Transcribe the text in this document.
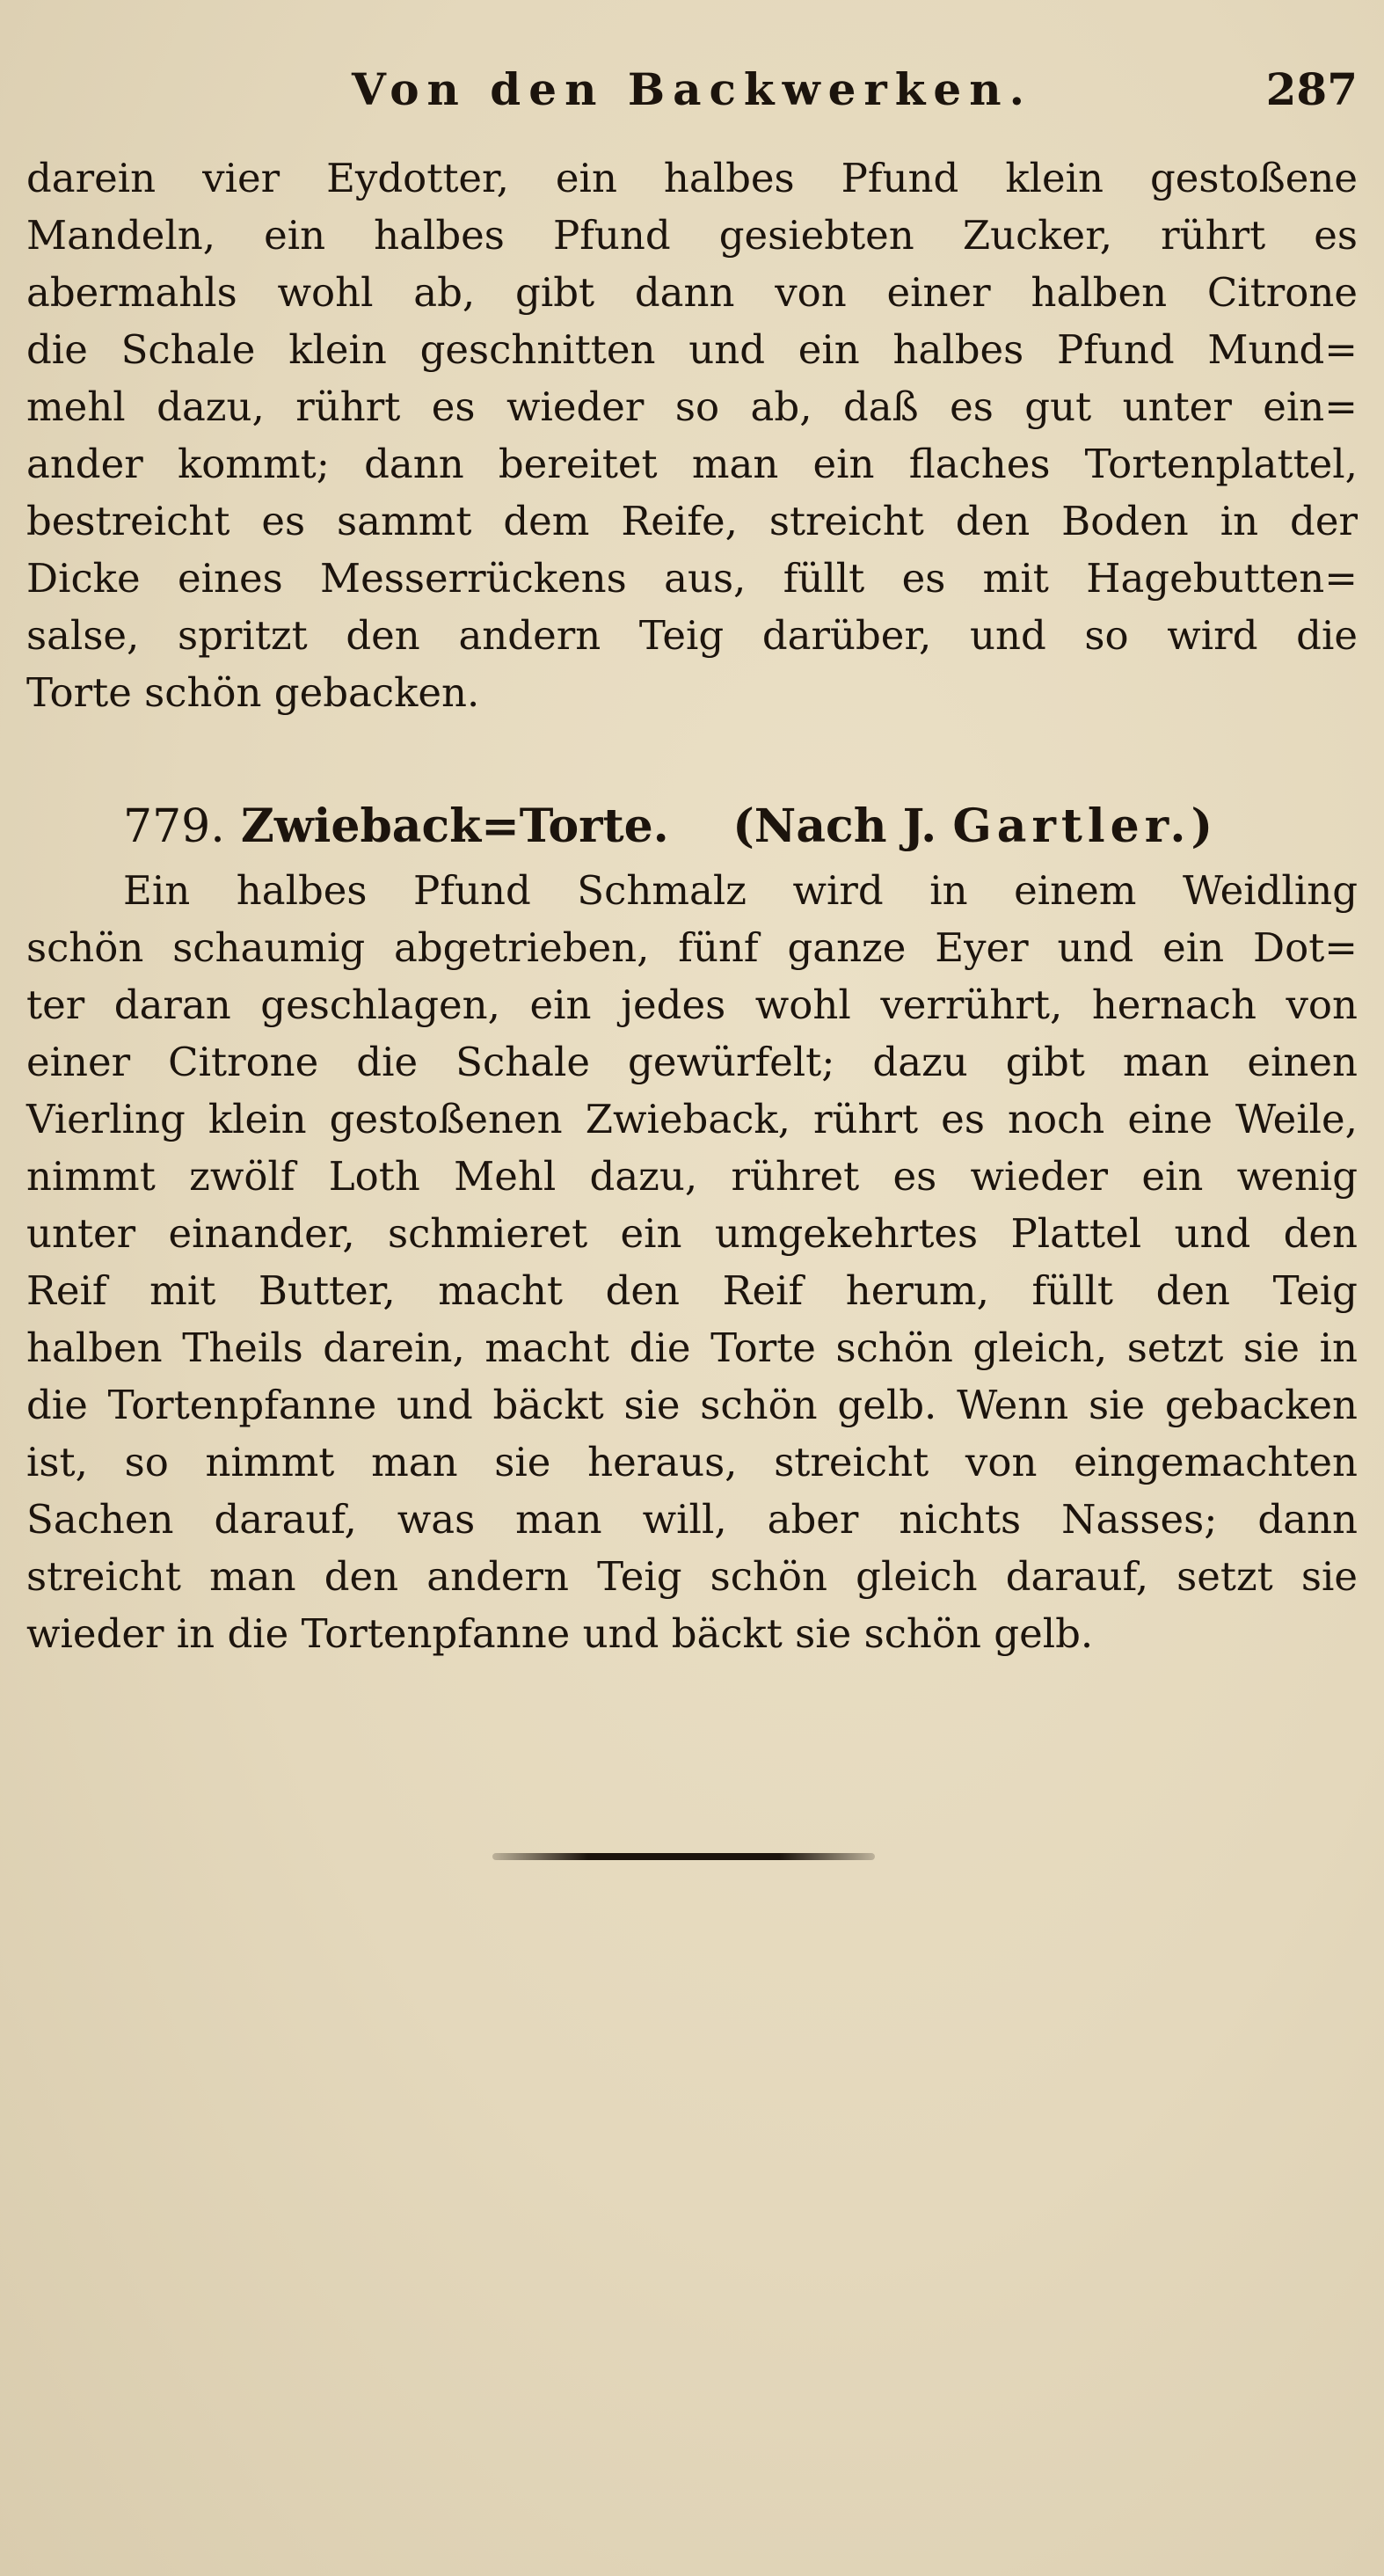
Von den Backwerken.	287
darein vier Eydotter, ein halbes Pfund klein gestoßene
Mandeln, ein halbes Pfund gesiebten Zucker, rührt es
abermahls wohl ab, gibt dann von einer halben Citrone
die Schale klein geschnitten und ein halbes Pfund Mund=
mehl dazu, rührt es wieder so ab, daß es gut unter ein=
ander kommt; dann bereitet man ein flaches Tortenplattel,
bestreicht es sammt dem Reife, streicht den Boden in der
Dicke eines Messerrückens aus, füllt es mit Hagebutten=
salse, spritzt den andern Teig darüber, und so wird die
Torte schön gebacken.
779. Zwieback=Torte. (Nach J. Gartler.)
Ein halbes Pfund Schmalz wird in einem Weidling
schön schaumig abgetrieben, fünf ganze Eyer und ein Dot=
ter daran geschlagen, ein jedes wohl verrührt, hernach von
einer Citrone die Schale gewürfelt; dazu gibt man einen
Vierling klein gestoßenen Zwieback, rührt es noch eine Weile,
nimmt zwölf Loth Mehl dazu, rühret es wieder ein wenig
unter einander, schmieret ein umgekehrtes Plattel und den
Reif mit Butter, macht den Reif herum, füllt den Teig
halben Theils darein, macht die Torte schön gleich, setzt sie in
die Tortenpfanne und bäckt sie schön gelb. Wenn sie gebacken
ist, so nimmt man sie heraus, streicht von eingemachten
Sachen darauf, was man will, aber nichts Nasses; dann
streicht man den andern Teig schön gleich darauf, setzt sie
wieder in die Tortenpfanne und bäckt sie schön gelb.
